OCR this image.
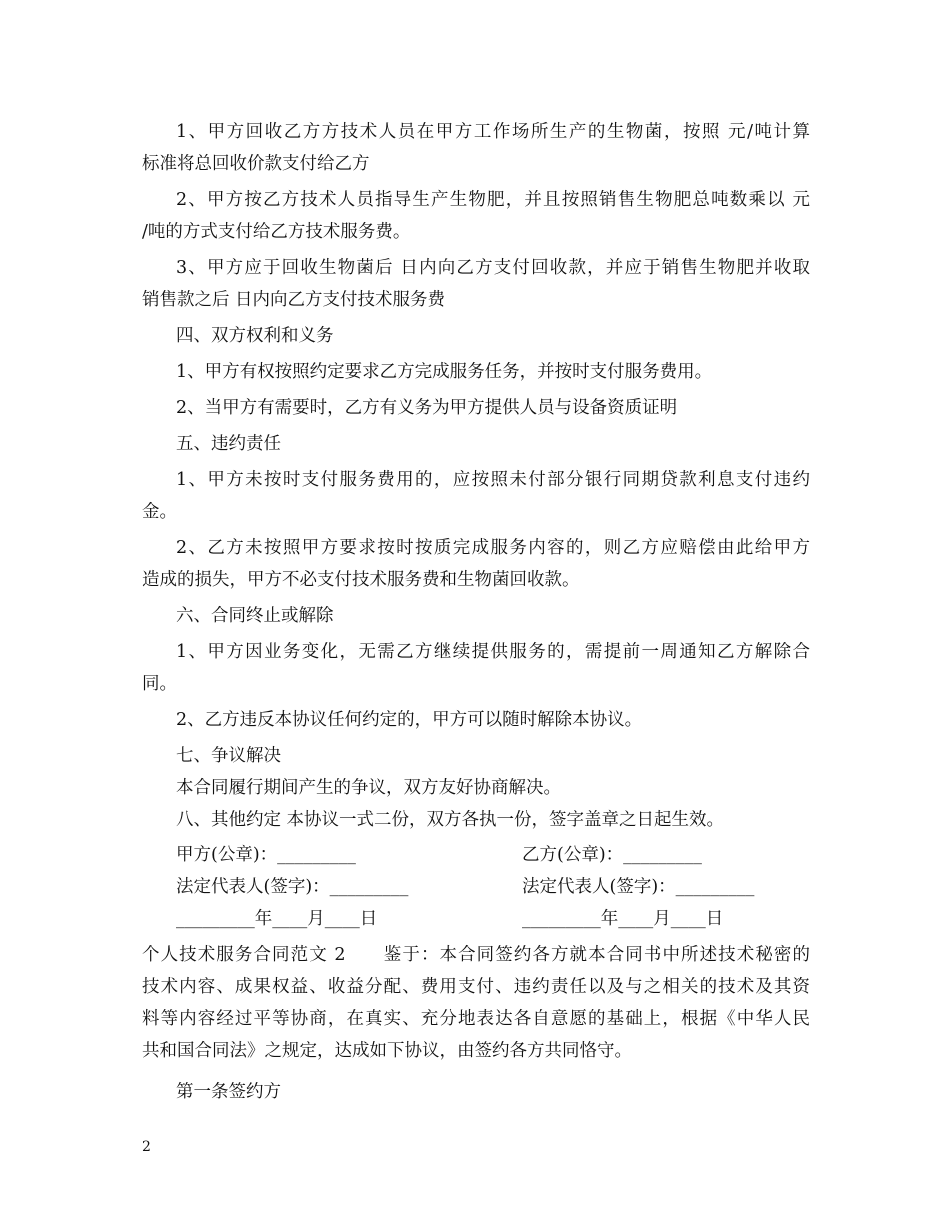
1、甲方回收乙方方技术人员在甲方工作场所生产的生物菌，按照 元/吨计算
标准将总回收价款支付给乙方
2、甲方按乙方技术人员指导生产生物肥，并且按照销售生物肥总吨数乘以 元
/吨的方式支付给乙方技术服务费。
3、甲方应于回收生物菌后 日内向乙方支付回收款，并应于销售生物肥并收取
销售款之后 日内向乙方支付技术服务费
四、双方权利和义务
1、甲方有权按照约定要求乙方完成服务任务，并按时支付服务费用。
2、当甲方有需要时，乙方有义务为甲方提供人员与设备资质证明
五、违约责任
1、甲方未按时支付服务费用的，应按照未付部分银行同期贷款利息支付违约
金。
2、乙方未按照甲方要求按时按质完成服务内容的，则乙方应赔偿由此给甲方
造成的损失，甲方不必支付技术服务费和生物菌回收款。
六、合同终止或解除
1、甲方因业务变化，无需乙方继续提供服务的，需提前一周通知乙方解除合
同。
2、乙方违反本协议任何约定的，甲方可以随时解除本协议。
七、争议解决
本合同履行期间产生的争议，双方友好协商解决。
八、其他约定 本协议一式二份，双方各执一份，签字盖章之日起生效。
甲方(公章)：_________	乙方(公章)：_________
法定代表人(签字)：_________	法定代表人(签字)：_________
_________年____月____日	_________年____月____日
个人技术服务合同范文 2　　鉴于：本合同签约各方就本合同书中所述技术秘密的
技术内容、成果权益、收益分配、费用支付、违约责任以及与之相关的技术及其资
料等内容经过平等协商，在真实、充分地表达各自意愿的基础上，根据《中华人民
共和国合同法》之规定，达成如下协议，由签约各方共同恪守。
第一条签约方
2
